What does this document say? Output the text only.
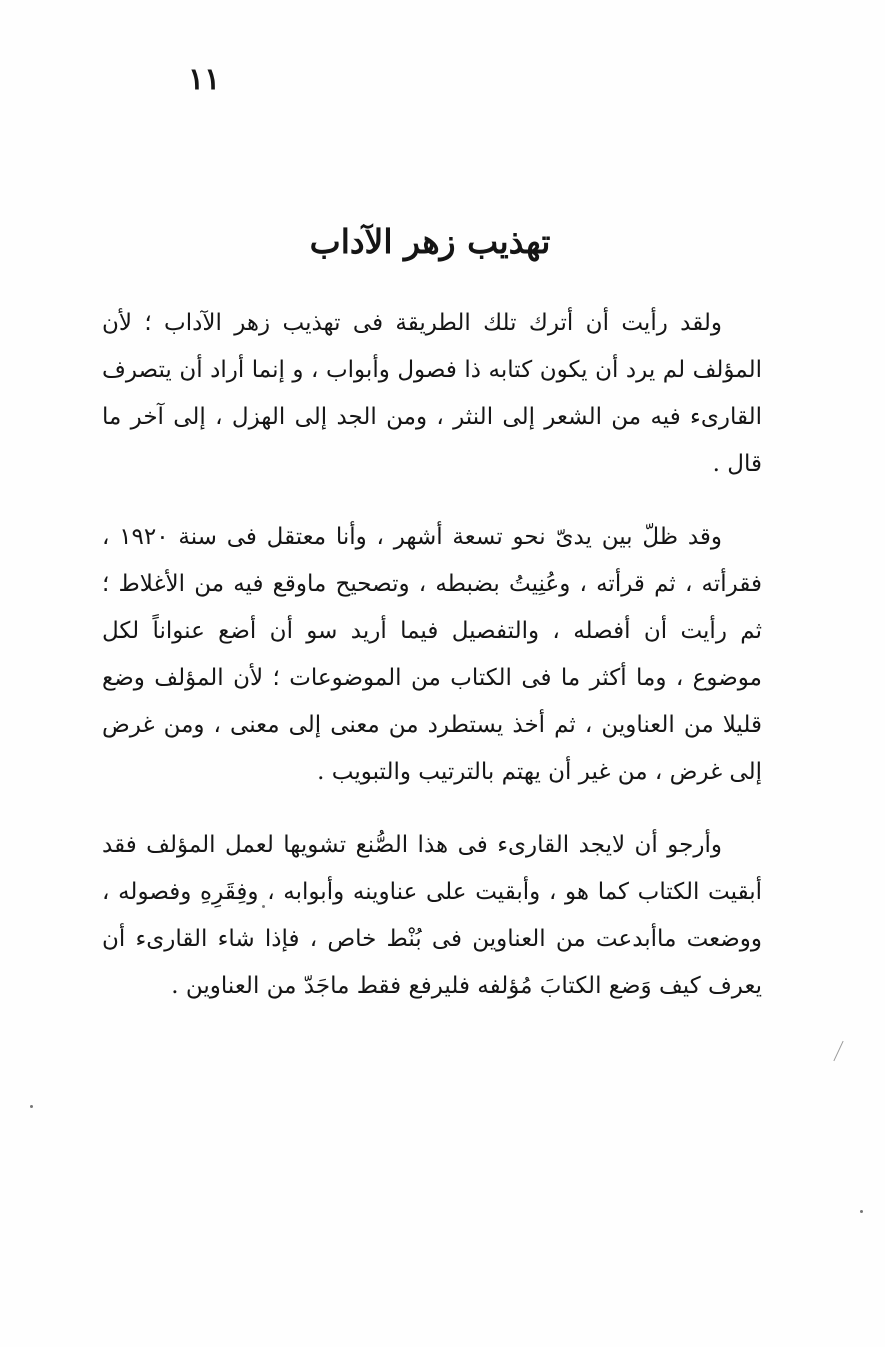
١١
تهذيب زهر الآداب

ولقد رأيت أن أترك تلك الطريقة فى تهذيب زهر الآداب ؛ لأن المؤلف لم يرد أن يكون كتابه ذا فصول وأبواب ، و إنما أراد أن يتصرف القارىء فيه من الشعر إلى النثر ، ومن الجد إلى الهزل ، إلى آخر ما قال .

وقد ظلّ بين يدىّ نحو تسعة أشهر ، وأنا معتقل فى سنة ١٩٢٠ ، فقرأته ، ثم قرأته ، وعُنِيتُ بضبطه ، وتصحيح ماوقع فيه من الأغلاط ؛ ثم رأيت أن أفصله ، والتفصيل فيما أريد سو أن أضع عنواناً لكل موضوع ، وما أكثر ما فى الكتاب من الموضوعات ؛ لأن المؤلف وضع قليلا من العناوين ، ثم أخذ يستطرد من معنى إلى معنى ، ومن غرض إلى غرض ، من غير أن يهتم بالترتيب والتبويب .

وأرجو أن لايجد القارىء فى هذا الصُّنع تشويها لعمل المؤلف فقد أبقيت الكتاب كما هو ، وأبقيت على عناوينه وأبوابه ، وفِقَرِهِ وفصوله ، ووضعت ماأبدعت من العناوين فى بُنْط خاص ، فإذا شاء القارىء أن يعرف كيف وَضع الكتابَ مُؤلفه فليرفع فقط ماجَدّ من العناوين .
